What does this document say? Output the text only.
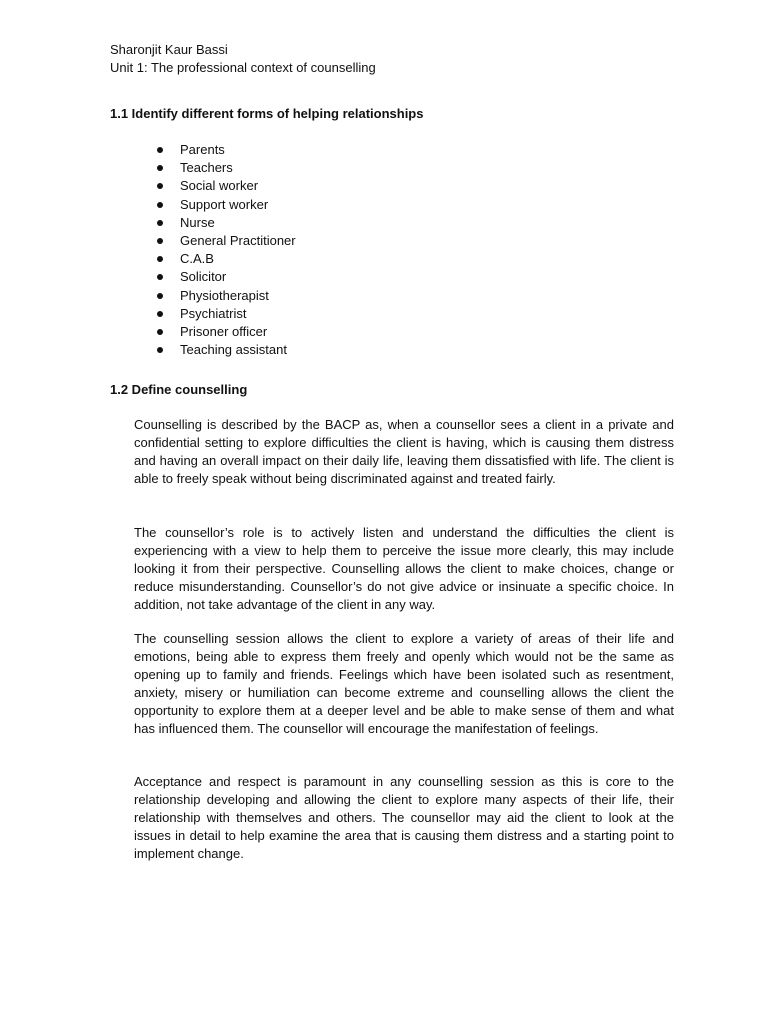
Sharonjit Kaur Bassi
Unit 1: The professional context of counselling
1.1 Identify different forms of helping relationships
Parents
Teachers
Social worker
Support worker
Nurse
General Practitioner
C.A.B
Solicitor
Physiotherapist
Psychiatrist
Prisoner officer
Teaching assistant
1.2 Define counselling

Counselling is described by the BACP as, when a counsellor sees a client in a private and confidential setting to explore difficulties the client is having, which is causing them distress and having an overall impact on their daily life, leaving them dissatisfied with life. The client is able to freely speak without being discriminated against and treated fairly.

The counsellor’s role is to actively listen and understand the difficulties the client is experiencing with a view to help them to perceive the issue more clearly, this may include looking it from their perspective. Counselling allows the client to make choices, change or reduce misunderstanding. Counsellor’s do not give advice or insinuate a specific choice. In addition, not take advantage of the client in any way.

The counselling session allows the client to explore a variety of areas of their life and emotions, being able to express them freely and openly which would not be the same as opening up to family and friends. Feelings which have been isolated such as resentment, anxiety, misery or humiliation can become extreme and counselling allows the client the opportunity to explore them at a deeper level and be able to make sense of them and what has influenced them. The counsellor will encourage the manifestation of feelings.

Acceptance and respect is paramount in any counselling session as this is core to the relationship developing and allowing the client to explore many aspects of their life, their relationship with themselves and others. The counsellor may aid the client to look at the issues in detail to help examine the area that is causing them distress and a starting point to implement change.
